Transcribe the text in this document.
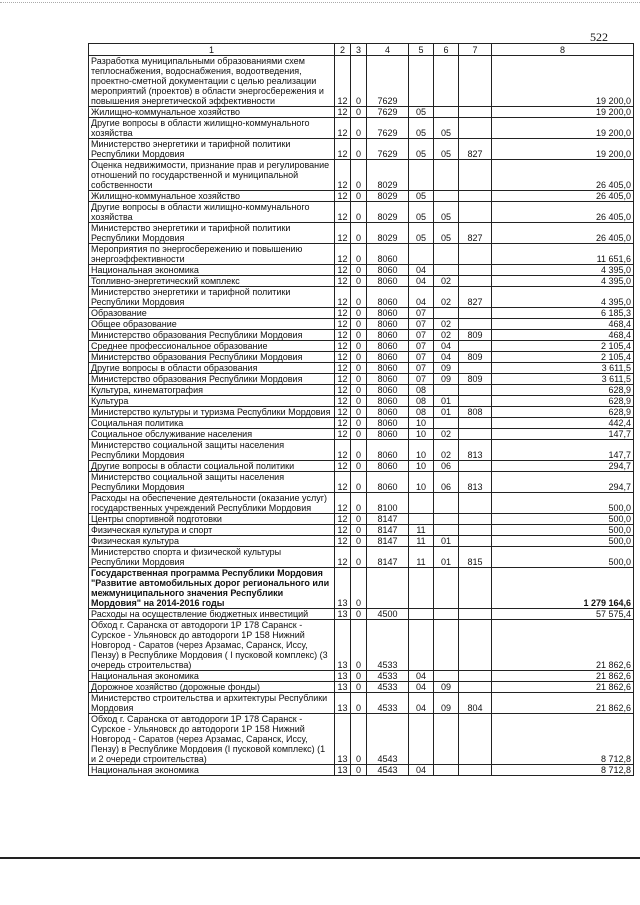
522
1	2	3	4	5	6	7	8
Разработка муниципальными образованиями схем теплоснабжения, водоснабжения, водоотведения, проектно-сметной документации с целью реализации мероприятий (проектов) в области энергосбережения и повышения энергетической эффективности	12	0	7629				19 200,0
Жилищно-коммунальное хозяйство	12	0	7629	05			19 200,0
Другие вопросы в области жилищно-коммунального хозяйства	12	0	7629	05	05		19 200,0
Министерство энергетики и тарифной политики Республики Мордовия	12	0	7629	05	05	827	19 200,0
Оценка недвижимости, признание прав и регулирование отношений по государственной и муниципальной собственности	12	0	8029				26 405,0
Жилищно-коммунальное хозяйство	12	0	8029	05			26 405,0
Другие вопросы в области жилищно-коммунального хозяйства	12	0	8029	05	05		26 405,0
Министерство энергетики и тарифной политики Республики Мордовия	12	0	8029	05	05	827	26 405,0
Мероприятия по энергосбережению и повышению энергоэффективности	12	0	8060				11 651,6
Национальная экономика	12	0	8060	04			4 395,0
Топливно-энергетический комплекс	12	0	8060	04	02		4 395,0
Министерство энергетики и тарифной политики Республики Мордовия	12	0	8060	04	02	827	4 395,0
Образование	12	0	8060	07			6 185,3
Общее образование	12	0	8060	07	02		468,4
Министерство образования Республики Мордовия	12	0	8060	07	02	809	468,4
Среднее профессиональное образование	12	0	8060	07	04		2 105,4
Министерство образования Республики Мордовия	12	0	8060	07	04	809	2 105,4
Другие вопросы в области образования	12	0	8060	07	09		3 611,5
Министерство образования Республики Мордовия	12	0	8060	07	09	809	3 611,5
Культура, кинематография	12	0	8060	08			628,9
Культура	12	0	8060	08	01		628,9
Министерство культуры и туризма Республики Мордовия	12	0	8060	08	01	808	628,9
Социальная политика	12	0	8060	10			442,4
Социальное обслуживание населения	12	0	8060	10	02		147,7
Министерство социальной защиты населения Республики Мордовия	12	0	8060	10	02	813	147,7
Другие вопросы в области социальной политики	12	0	8060	10	06		294,7
Министерство социальной защиты населения Республики Мордовия	12	0	8060	10	06	813	294,7
Расходы на обеспечение деятельности (оказание услуг) государственных учреждений Республики Мордовия	12	0	8100				500,0
Центры спортивной подготовки	12	0	8147				500,0
Физическая культура и спорт	12	0	8147	11			500,0
Физическая культура	12	0	8147	11	01		500,0
Министерство спорта и физической культуры Республики Мордовия	12	0	8147	11	01	815	500,0
Государственная программа Республики Мордовия "Развитие автомобильных дорог регионального или межмуниципального значения Республики Мордовия" на 2014-2016 годы	13	0					1 279 164,6
Расходы на осуществление бюджетных инвестиций	13	0	4500				57 575,4
Обход г. Саранска от автодороги 1Р 178 Саранск - Сурское - Ульяновск до автодороги 1Р 158 Нижний Новгород - Саратов (через Арзамас, Саранск, Иссу, Пензу) в Республике Мордовия ( I пусковой комплекс) (3 очередь строительства)	13	0	4533				21 862,6
Национальная экономика	13	0	4533	04			21 862,6
Дорожное хозяйство (дорожные фонды)	13	0	4533	04	09		21 862,6
Министерство строительства и архитектуры Республики Мордовия	13	0	4533	04	09	804	21 862,6
Обход г. Саранска от автодороги 1Р 178 Саранск - Сурское - Ульяновск до автодороги 1Р 158 Нижний Новгород - Саратов (через Арзамас, Саранск, Иссу, Пензу) в Республике Мордовия (I пусковой комплекс) (1 и 2 очереди строительства)	13	0	4543				8 712,8
Национальная экономика	13	0	4543	04			8 712,8
